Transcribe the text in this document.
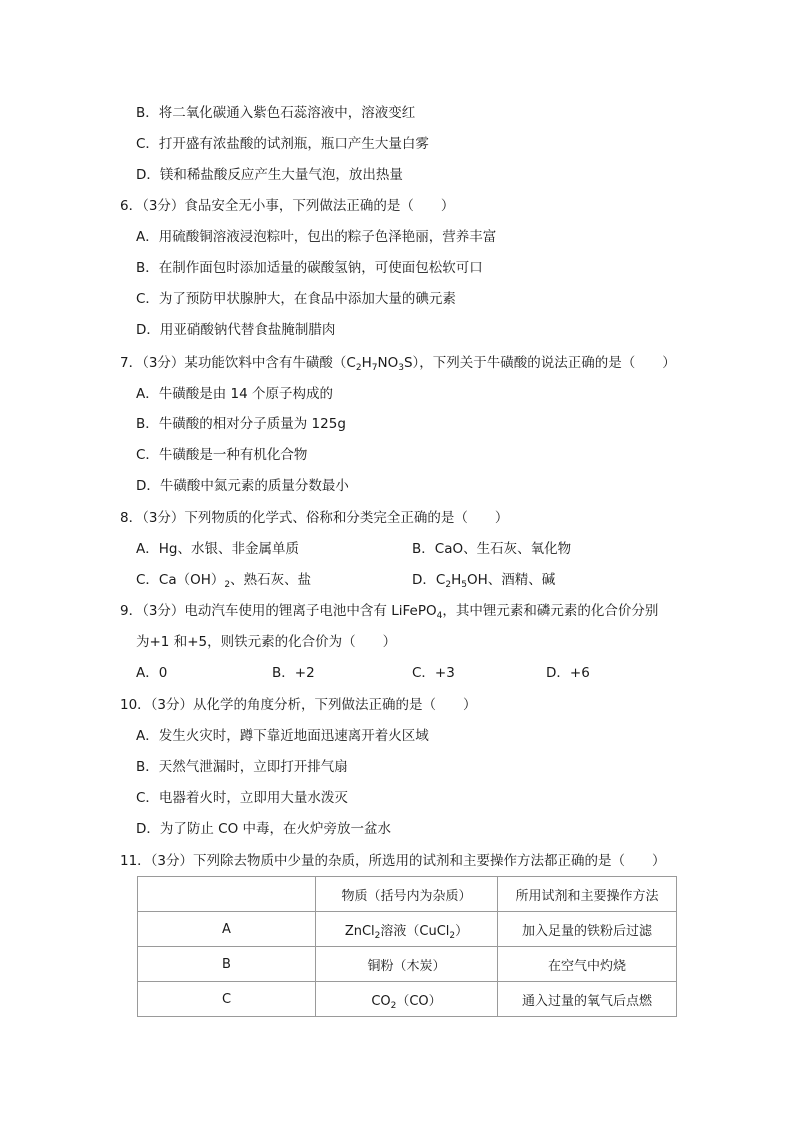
B．将二氧化碳通入紫色石蕊溶液中，溶液变红
C．打开盛有浓盐酸的试剂瓶，瓶口产生大量白雾
D．镁和稀盐酸反应产生大量气泡，放出热量
6．（3分）食品安全无小事，下列做法正确的是（　　）
A．用硫酸铜溶液浸泡粽叶，包出的粽子色泽艳丽，营养丰富
B．在制作面包时添加适量的碳酸氢钠，可使面包松软可口
C．为了预防甲状腺肿大，在食品中添加大量的碘元素
D．用亚硝酸钠代替食盐腌制腊肉
7．（3分）某功能饮料中含有牛磺酸$(C_2H_7NO_3S)$，下列关于牛磺酸的说法正确的是（　　）
A．牛磺酸是由 14 个原子构成的
B．牛磺酸的相对分子质量为 125g
C．牛磺酸是一种有机化合物
D．牛磺酸中氮元素的质量分数最小
8．（3分）下列物质的化学式、俗称和分类完全正确的是（　　）
A．Hg、水银、非金属单质	B．CaO、生石灰、氧化物
C．$Ca(OH)_2$、熟石灰、盐	D．$C_2H_5OH$、酒精、碱
9．（3分）电动汽车使用的锂离子电池中含有 LiFePO$_4$，其中锂元素和磷元素的化合价分别
为+1 和+5，则铁元素的化合价为（　　）
A．0	B．+2	C．+3	D．+6
10．（3分）从化学的角度分析，下列做法正确的是（　　）
A．发生火灾时，蹲下靠近地面迅速离开着火区域
B．天然气泄漏时，立即打开排气扇
C．电器着火时，立即用大量水泼灭
D．为了防止 CO 中毒，在火炉旁放一盆水
11．（3分）下列除去物质中少量的杂质，所选用的试剂和主要操作方法都正确的是（　　）
	物质（括号内为杂质）	所用试剂和主要操作方法
A	ZnCl$_2$溶液（CuCl$_2$）	加入足量的铁粉后过滤
B	铜粉（木炭）	在空气中灼烧
C	$CO_2(CO)$	通入过量的氧气后点燃
